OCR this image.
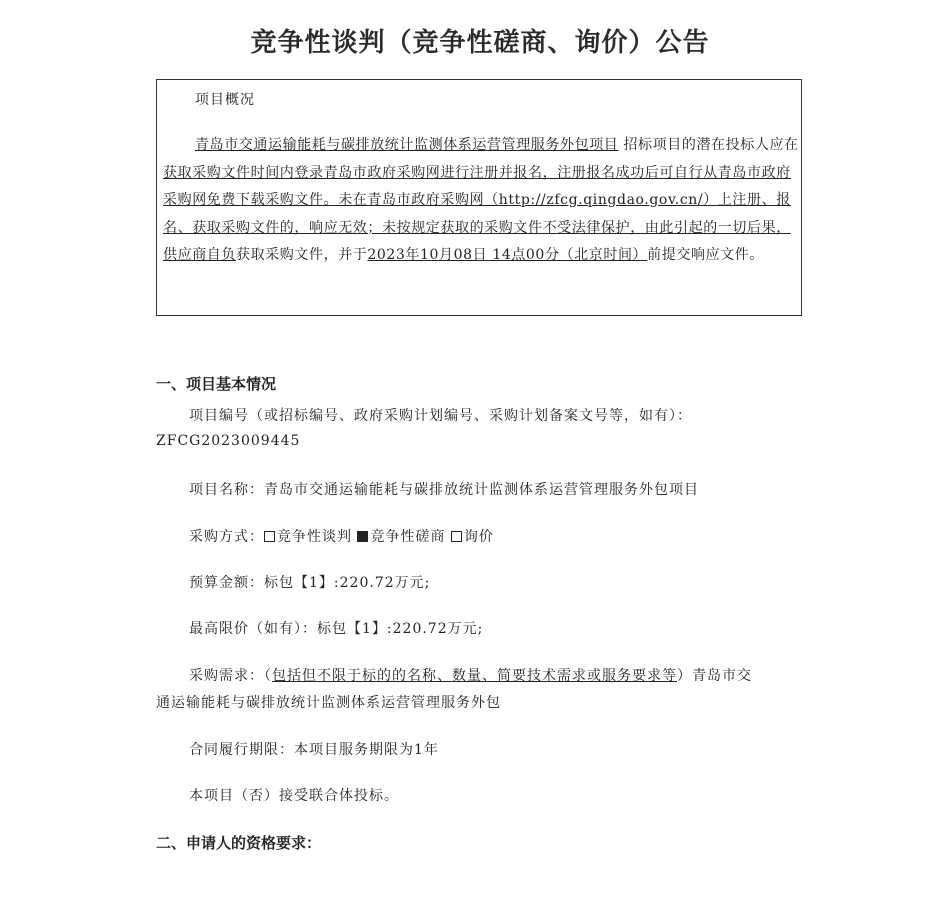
竞争性谈判（竞争性磋商、询价）公告
项目概况
青岛市交通运输能耗与碳排放统计监测体系运营管理服务外包项目 招标项目的潜在投标人应在 获取采购文件时间内登录青岛市政府采购网进行注册并报名，注册报名成功后可自行从青岛市政府采购网免费下载采购文件。未在青岛市政府采购网（http://zfcg.qingdao.gov.cn/）上注册、报名、获取采购文件的，响应无效；未按规定获取的采购文件不受法律保护，由此引起的一切后果，供应商自负获取采购文件，并于2023年10月08日 14点00分（北京时间）前提交响应文件。
一、项目基本情况
项目编号（或招标编号、政府采购计划编号、采购计划备案文号等，如有）：
ZFCG2023009445
项目名称：青岛市交通运输能耗与碳排放统计监测体系运营管理服务外包项目
采购方式： 竞争性谈判 竞争性磋商 询价
预算金额：标包【1】:220.72万元;
最高限价（如有）：标包【1】:220.72万元;
采购需求：（包括但不限于标的的名称、数量、简要技术需求或服务要求等）青岛市交
通运输能耗与碳排放统计监测体系运营管理服务外包
合同履行期限：本项目服务期限为1年
本项目（否）接受联合体投标。
二、申请人的资格要求：
